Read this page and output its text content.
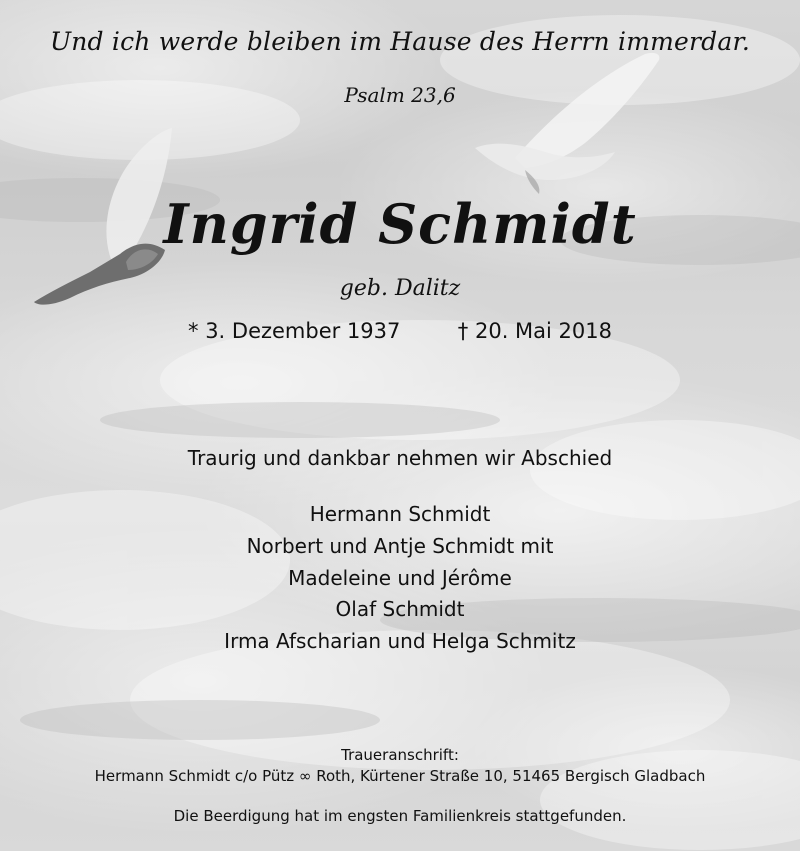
Und ich werde bleiben im Hause des Herrn immerdar.
Psalm 23,6
Ingrid Schmidt
geb. Dalitz
* 3. Dezember 1937	† 20. Mai 2018
Traurig und dankbar nehmen wir Abschied
Hermann Schmidt
Norbert und Antje Schmidt mit
Madeleine und Jérôme
Olaf Schmidt
Irma Afscharian und Helga Schmitz
Traueranschrift:
Hermann Schmidt c/o Pütz ∞ Roth, Kürtener Straße 10, 51465 Bergisch Gladbach
Die Beerdigung hat im engsten Familienkreis stattgefunden.
